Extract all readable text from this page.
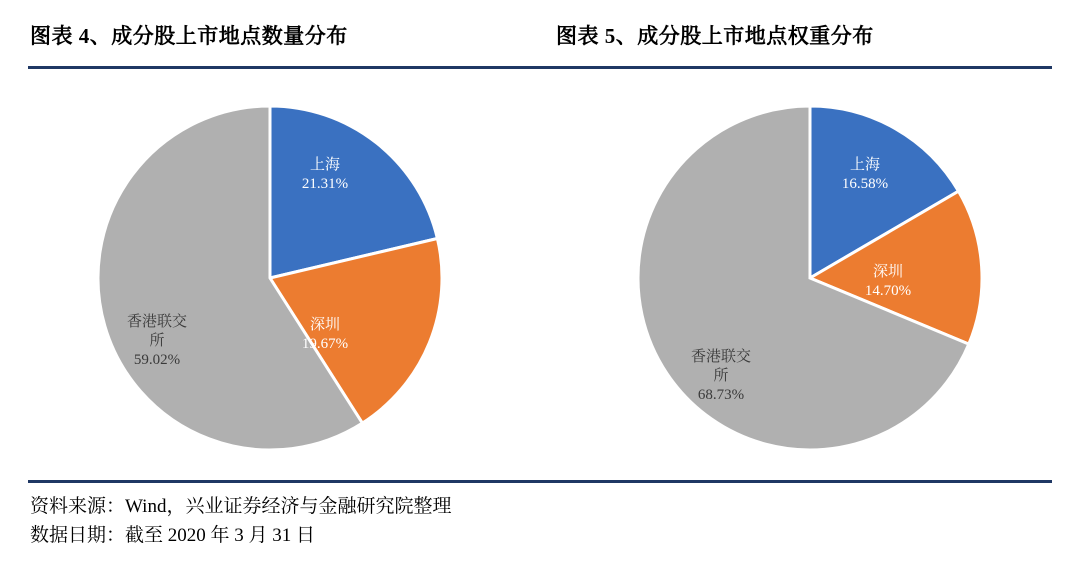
图表 4、成分股上市地点数量分布	图表 5、成分股上市地点权重分布
上海
21.31%
深圳
19.67%
香港联交
所
59.02%
上海
16.58%
深圳
14.70%
香港联交
所
68.73%
资料来源：Wind，兴业证券经济与金融研究院整理
数据日期：截至 2020 年 3 月 31 日
